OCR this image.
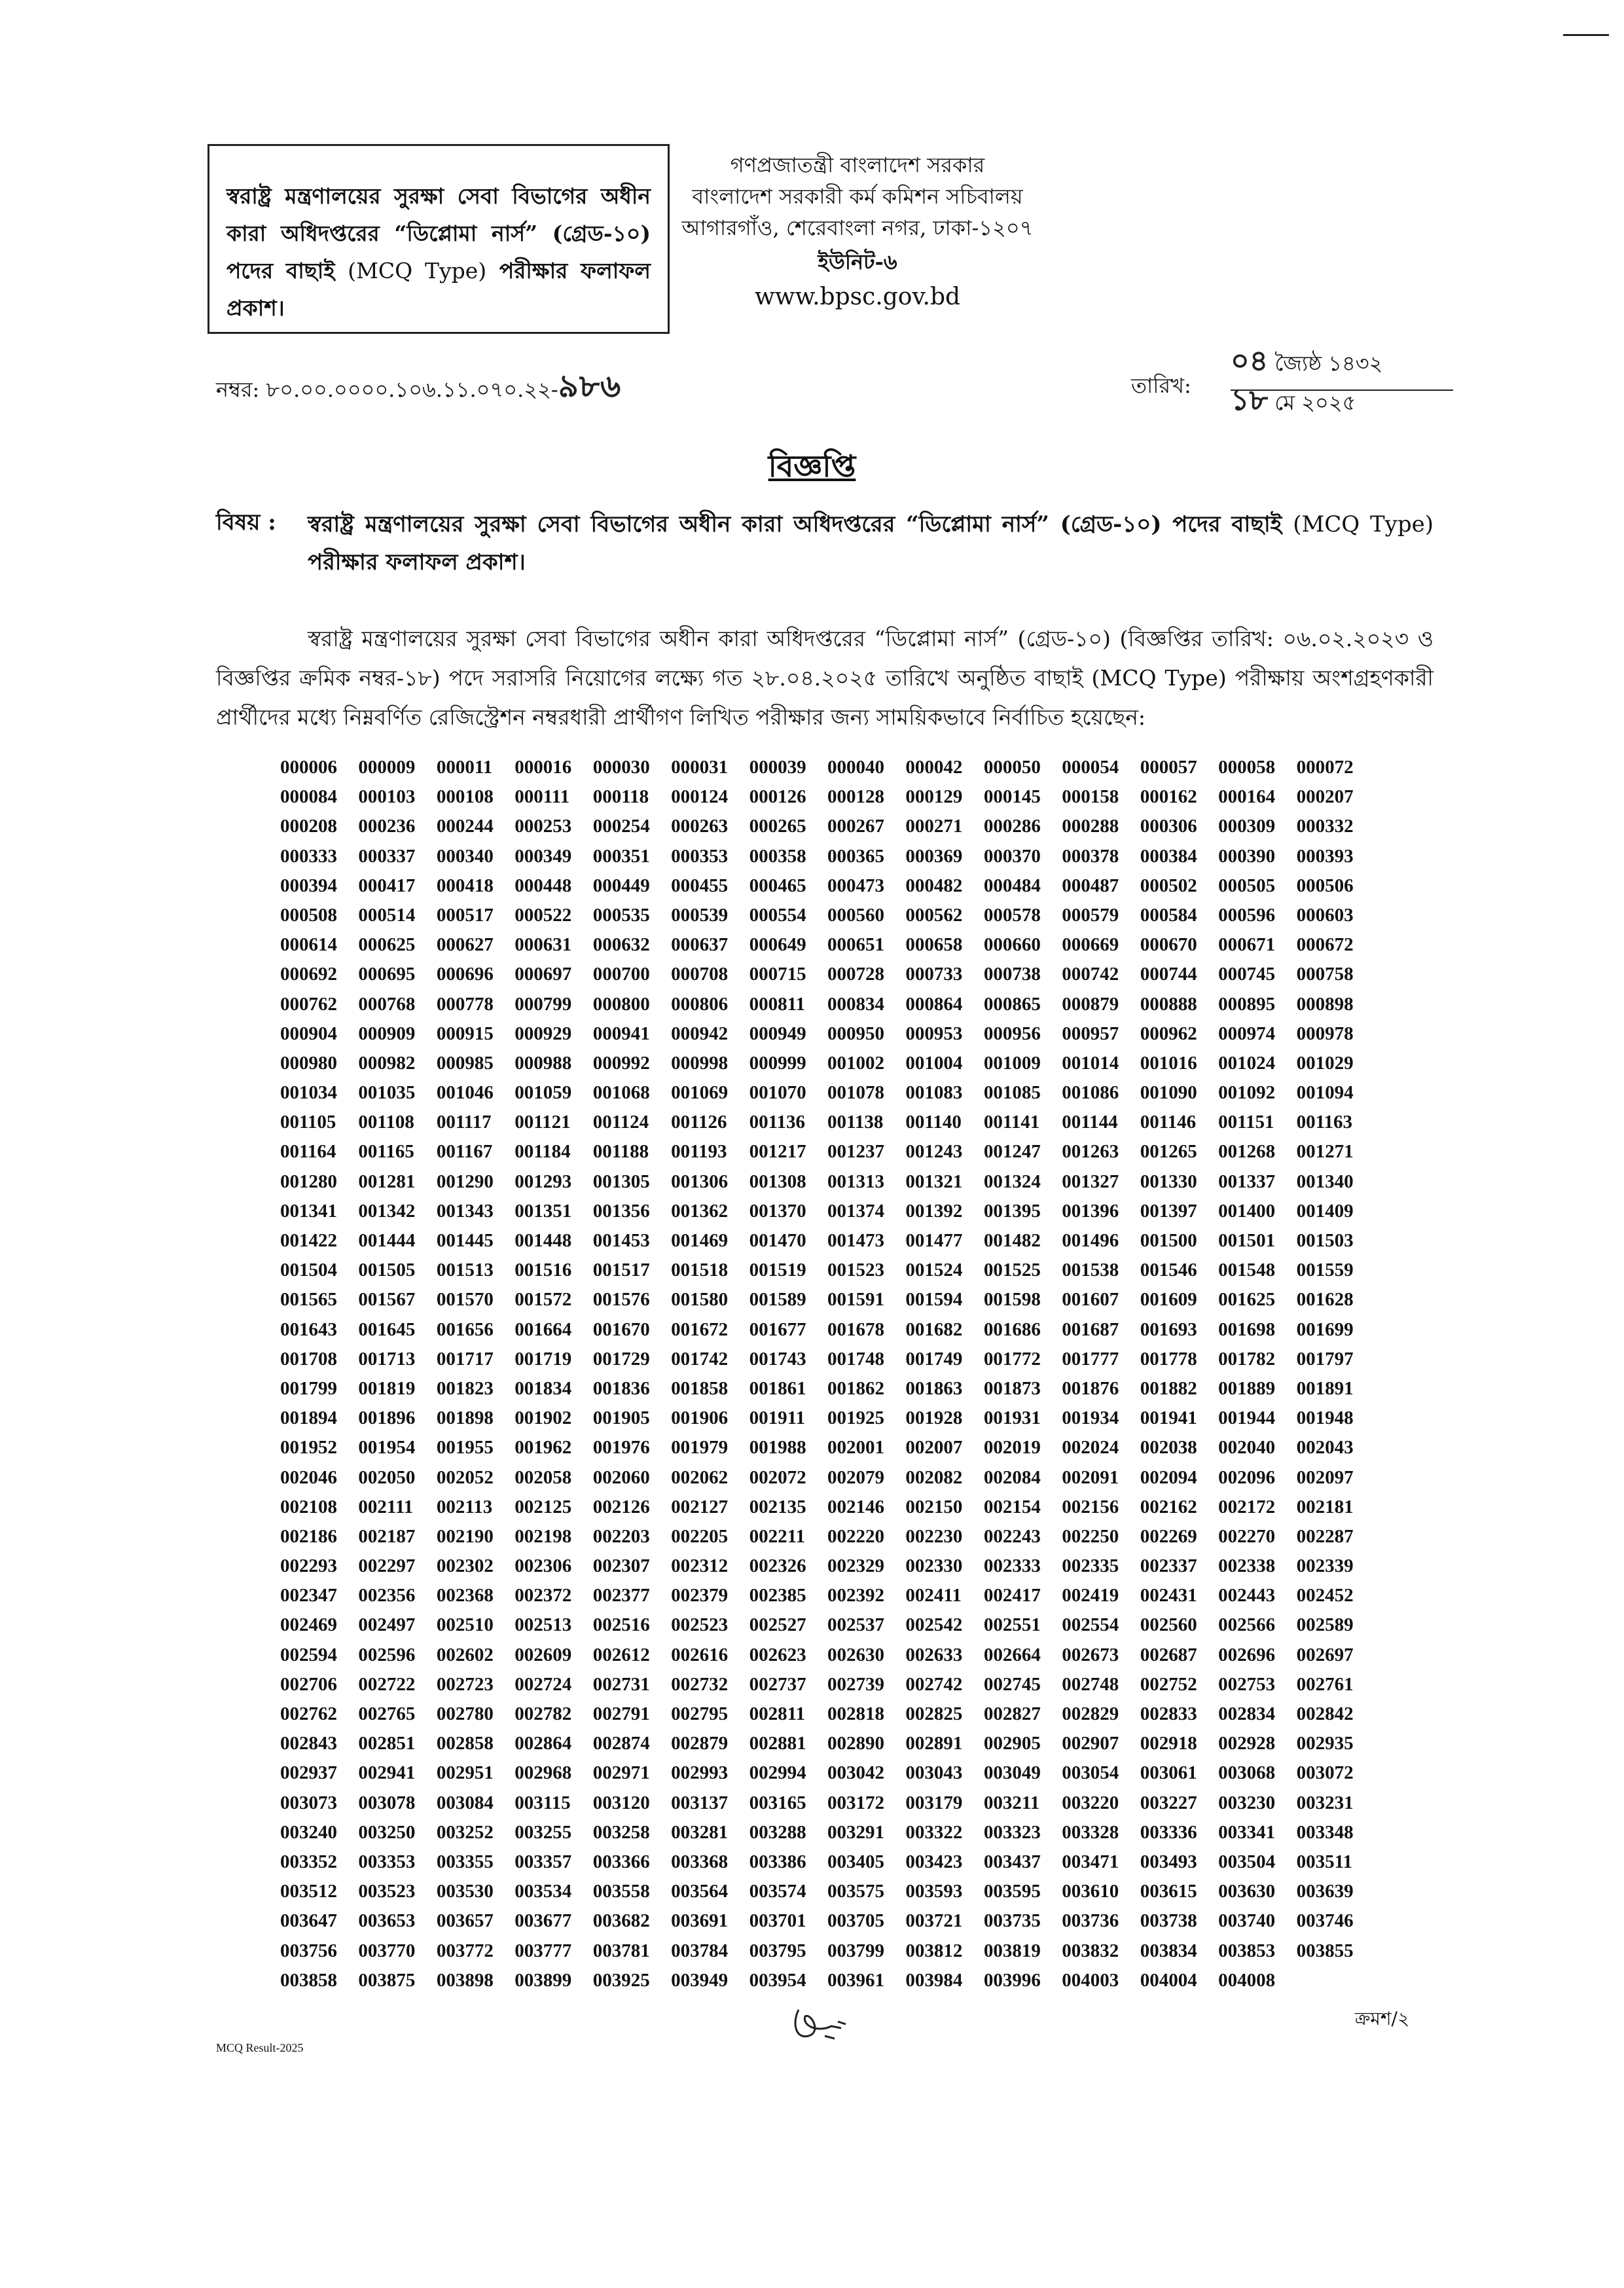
স্বরাষ্ট্র মন্ত্রণালয়ের সুরক্ষা সেবা বিভাগের অধীন কারা অধিদপ্তরের “ডিপ্লোমা নার্স” (গ্রেড-১০) পদের বাছাই (MCQ Type) পরীক্ষার ফলাফল প্রকাশ।
গণপ্রজাতন্ত্রী বাংলাদেশ সরকার
বাংলাদেশ সরকারী কর্ম কমিশন সচিবালয়
আগারগাঁও, শেরেবাংলা নগর, ঢাকা-১২০৭
ইউনিট-৬
www.bpsc.gov.bd
নম্বর: ৮০.০০.০০০০.১০৬.১১.০৭০.২২-৯৮৬	তারিখ:
০৪ জ্যৈষ্ঠ ১৪৩২
১৮ মে ২০২৫
বিজ্ঞপ্তি
বিষয় : স্বরাষ্ট্র মন্ত্রণালয়ের সুরক্ষা সেবা বিভাগের অধীন কারা অধিদপ্তরের “ডিপ্লোমা নার্স” (গ্রেড-১০) পদের বাছাই (MCQ Type) পরীক্ষার ফলাফল প্রকাশ।
স্বরাষ্ট্র মন্ত্রণালয়ের সুরক্ষা সেবা বিভাগের অধীন কারা অধিদপ্তরের “ডিপ্লোমা নার্স” (গ্রেড-১০) (বিজ্ঞপ্তির তারিখ: ০৬.০২.২০২৩ ও বিজ্ঞপ্তির ক্রমিক নম্বর-১৮) পদে সরাসরি নিয়োগের লক্ষ্যে গত ২৮.০৪.২০২৫ তারিখে অনুষ্ঠিত বাছাই (MCQ Type) পরীক্ষায় অংশগ্রহণকারী প্রার্থীদের মধ্যে নিম্নবর্ণিত রেজিস্ট্রেশন নম্বরধারী প্রার্থীগণ লিখিত পরীক্ষার জন্য সাময়িকভাবে নির্বাচিত হয়েছেন:
000006	000009	000011	000016	000030	000031	000039	000040	000042	000050	000054	000057	000058	000072
000084	000103	000108	000111	000118	000124	000126	000128	000129	000145	000158	000162	000164	000207
000208	000236	000244	000253	000254	000263	000265	000267	000271	000286	000288	000306	000309	000332
000333	000337	000340	000349	000351	000353	000358	000365	000369	000370	000378	000384	000390	000393
000394	000417	000418	000448	000449	000455	000465	000473	000482	000484	000487	000502	000505	000506
000508	000514	000517	000522	000535	000539	000554	000560	000562	000578	000579	000584	000596	000603
000614	000625	000627	000631	000632	000637	000649	000651	000658	000660	000669	000670	000671	000672
000692	000695	000696	000697	000700	000708	000715	000728	000733	000738	000742	000744	000745	000758
000762	000768	000778	000799	000800	000806	000811	000834	000864	000865	000879	000888	000895	000898
000904	000909	000915	000929	000941	000942	000949	000950	000953	000956	000957	000962	000974	000978
000980	000982	000985	000988	000992	000998	000999	001002	001004	001009	001014	001016	001024	001029
001034	001035	001046	001059	001068	001069	001070	001078	001083	001085	001086	001090	001092	001094
001105	001108	001117	001121	001124	001126	001136	001138	001140	001141	001144	001146	001151	001163
001164	001165	001167	001184	001188	001193	001217	001237	001243	001247	001263	001265	001268	001271
001280	001281	001290	001293	001305	001306	001308	001313	001321	001324	001327	001330	001337	001340
001341	001342	001343	001351	001356	001362	001370	001374	001392	001395	001396	001397	001400	001409
001422	001444	001445	001448	001453	001469	001470	001473	001477	001482	001496	001500	001501	001503
001504	001505	001513	001516	001517	001518	001519	001523	001524	001525	001538	001546	001548	001559
001565	001567	001570	001572	001576	001580	001589	001591	001594	001598	001607	001609	001625	001628
001643	001645	001656	001664	001670	001672	001677	001678	001682	001686	001687	001693	001698	001699
001708	001713	001717	001719	001729	001742	001743	001748	001749	001772	001777	001778	001782	001797
001799	001819	001823	001834	001836	001858	001861	001862	001863	001873	001876	001882	001889	001891
001894	001896	001898	001902	001905	001906	001911	001925	001928	001931	001934	001941	001944	001948
001952	001954	001955	001962	001976	001979	001988	002001	002007	002019	002024	002038	002040	002043
002046	002050	002052	002058	002060	002062	002072	002079	002082	002084	002091	002094	002096	002097
002108	002111	002113	002125	002126	002127	002135	002146	002150	002154	002156	002162	002172	002181
002186	002187	002190	002198	002203	002205	002211	002220	002230	002243	002250	002269	002270	002287
002293	002297	002302	002306	002307	002312	002326	002329	002330	002333	002335	002337	002338	002339
002347	002356	002368	002372	002377	002379	002385	002392	002411	002417	002419	002431	002443	002452
002469	002497	002510	002513	002516	002523	002527	002537	002542	002551	002554	002560	002566	002589
002594	002596	002602	002609	002612	002616	002623	002630	002633	002664	002673	002687	002696	002697
002706	002722	002723	002724	002731	002732	002737	002739	002742	002745	002748	002752	002753	002761
002762	002765	002780	002782	002791	002795	002811	002818	002825	002827	002829	002833	002834	002842
002843	002851	002858	002864	002874	002879	002881	002890	002891	002905	002907	002918	002928	002935
002937	002941	002951	002968	002971	002993	002994	003042	003043	003049	003054	003061	003068	003072
003073	003078	003084	003115	003120	003137	003165	003172	003179	003211	003220	003227	003230	003231
003240	003250	003252	003255	003258	003281	003288	003291	003322	003323	003328	003336	003341	003348
003352	003353	003355	003357	003366	003368	003386	003405	003423	003437	003471	003493	003504	003511
003512	003523	003530	003534	003558	003564	003574	003575	003593	003595	003610	003615	003630	003639
003647	003653	003657	003677	003682	003691	003701	003705	003721	003735	003736	003738	003740	003746
003756	003770	003772	003777	003781	003784	003795	003799	003812	003819	003832	003834	003853	003855
003858	003875	003898	003899	003925	003949	003954	003961	003984	003996	004003	004004	004008
ক্রমশ/২
MCQ Result-2025
